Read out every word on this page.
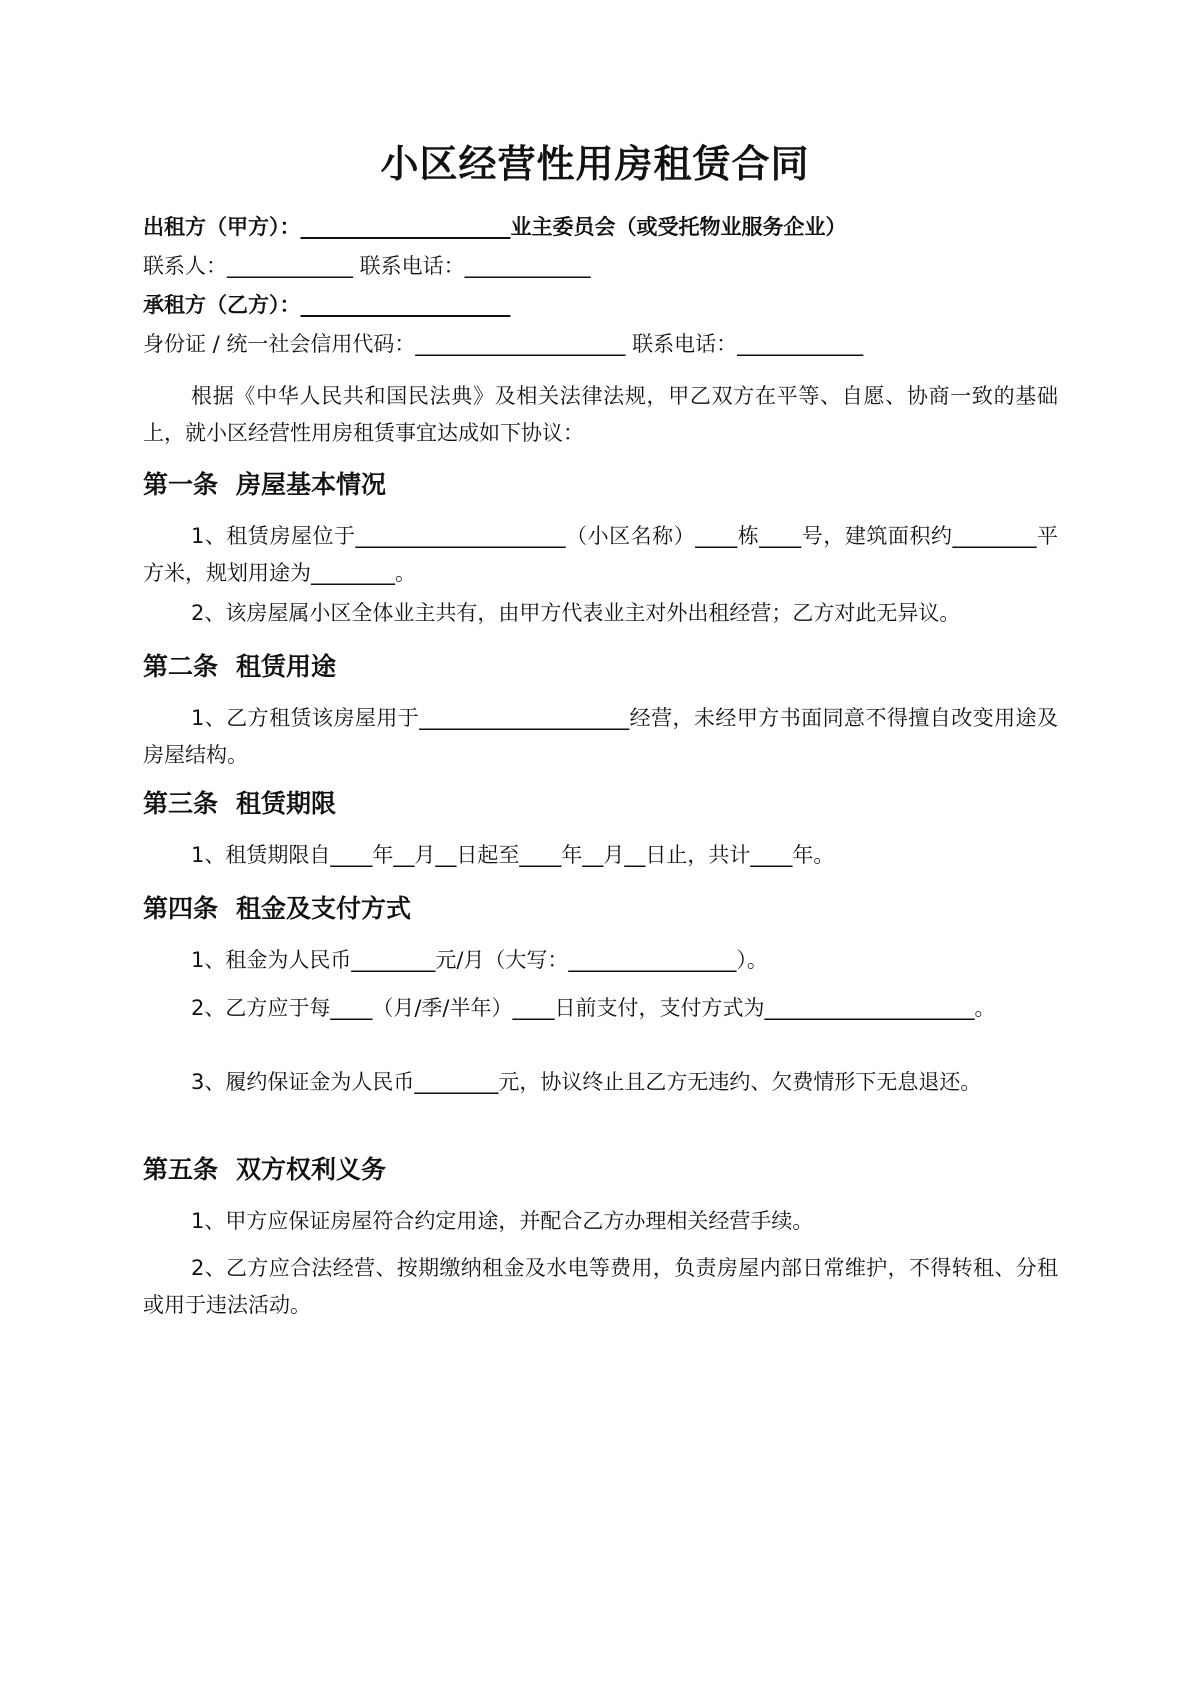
小区经营性用房租赁合同
出租方（甲方）：____________________业主委员会（或受托物业服务企业）
联系人：____________ 联系电话：____________
承租方（乙方）：____________________
身份证 / 统一社会信用代码：____________________ 联系电话：____________
根据《中华人民共和国民法典》及相关法律法规，甲乙双方在平等、自愿、协商一致的基础上，就小区经营性用房租赁事宜达成如下协议：
第一条 房屋基本情况
1、租赁房屋位于____________________（小区名称）____栋____号，建筑面积约________平方米，规划用途为________。
2、该房屋属小区全体业主共有，由甲方代表业主对外出租经营；乙方对此无异议。
第二条 租赁用途
1、乙方租赁该房屋用于____________________经营，未经甲方书面同意不得擅自改变用途及房屋结构。
第三条 租赁期限
1、租赁期限自____年__月__日起至____年__月__日止，共计____年。
第四条 租金及支付方式
1、租金为人民币________元/月（大写：________________）。
2、乙方应于每____（月/季/半年）____日前支付，支付方式为____________________。
3、履约保证金为人民币________元，协议终止且乙方无违约、欠费情形下无息退还。
第五条 双方权利义务
1、甲方应保证房屋符合约定用途，并配合乙方办理相关经营手续。
2、乙方应合法经营、按期缴纳租金及水电等费用，负责房屋内部日常维护，不得转租、分租或用于违法活动。
